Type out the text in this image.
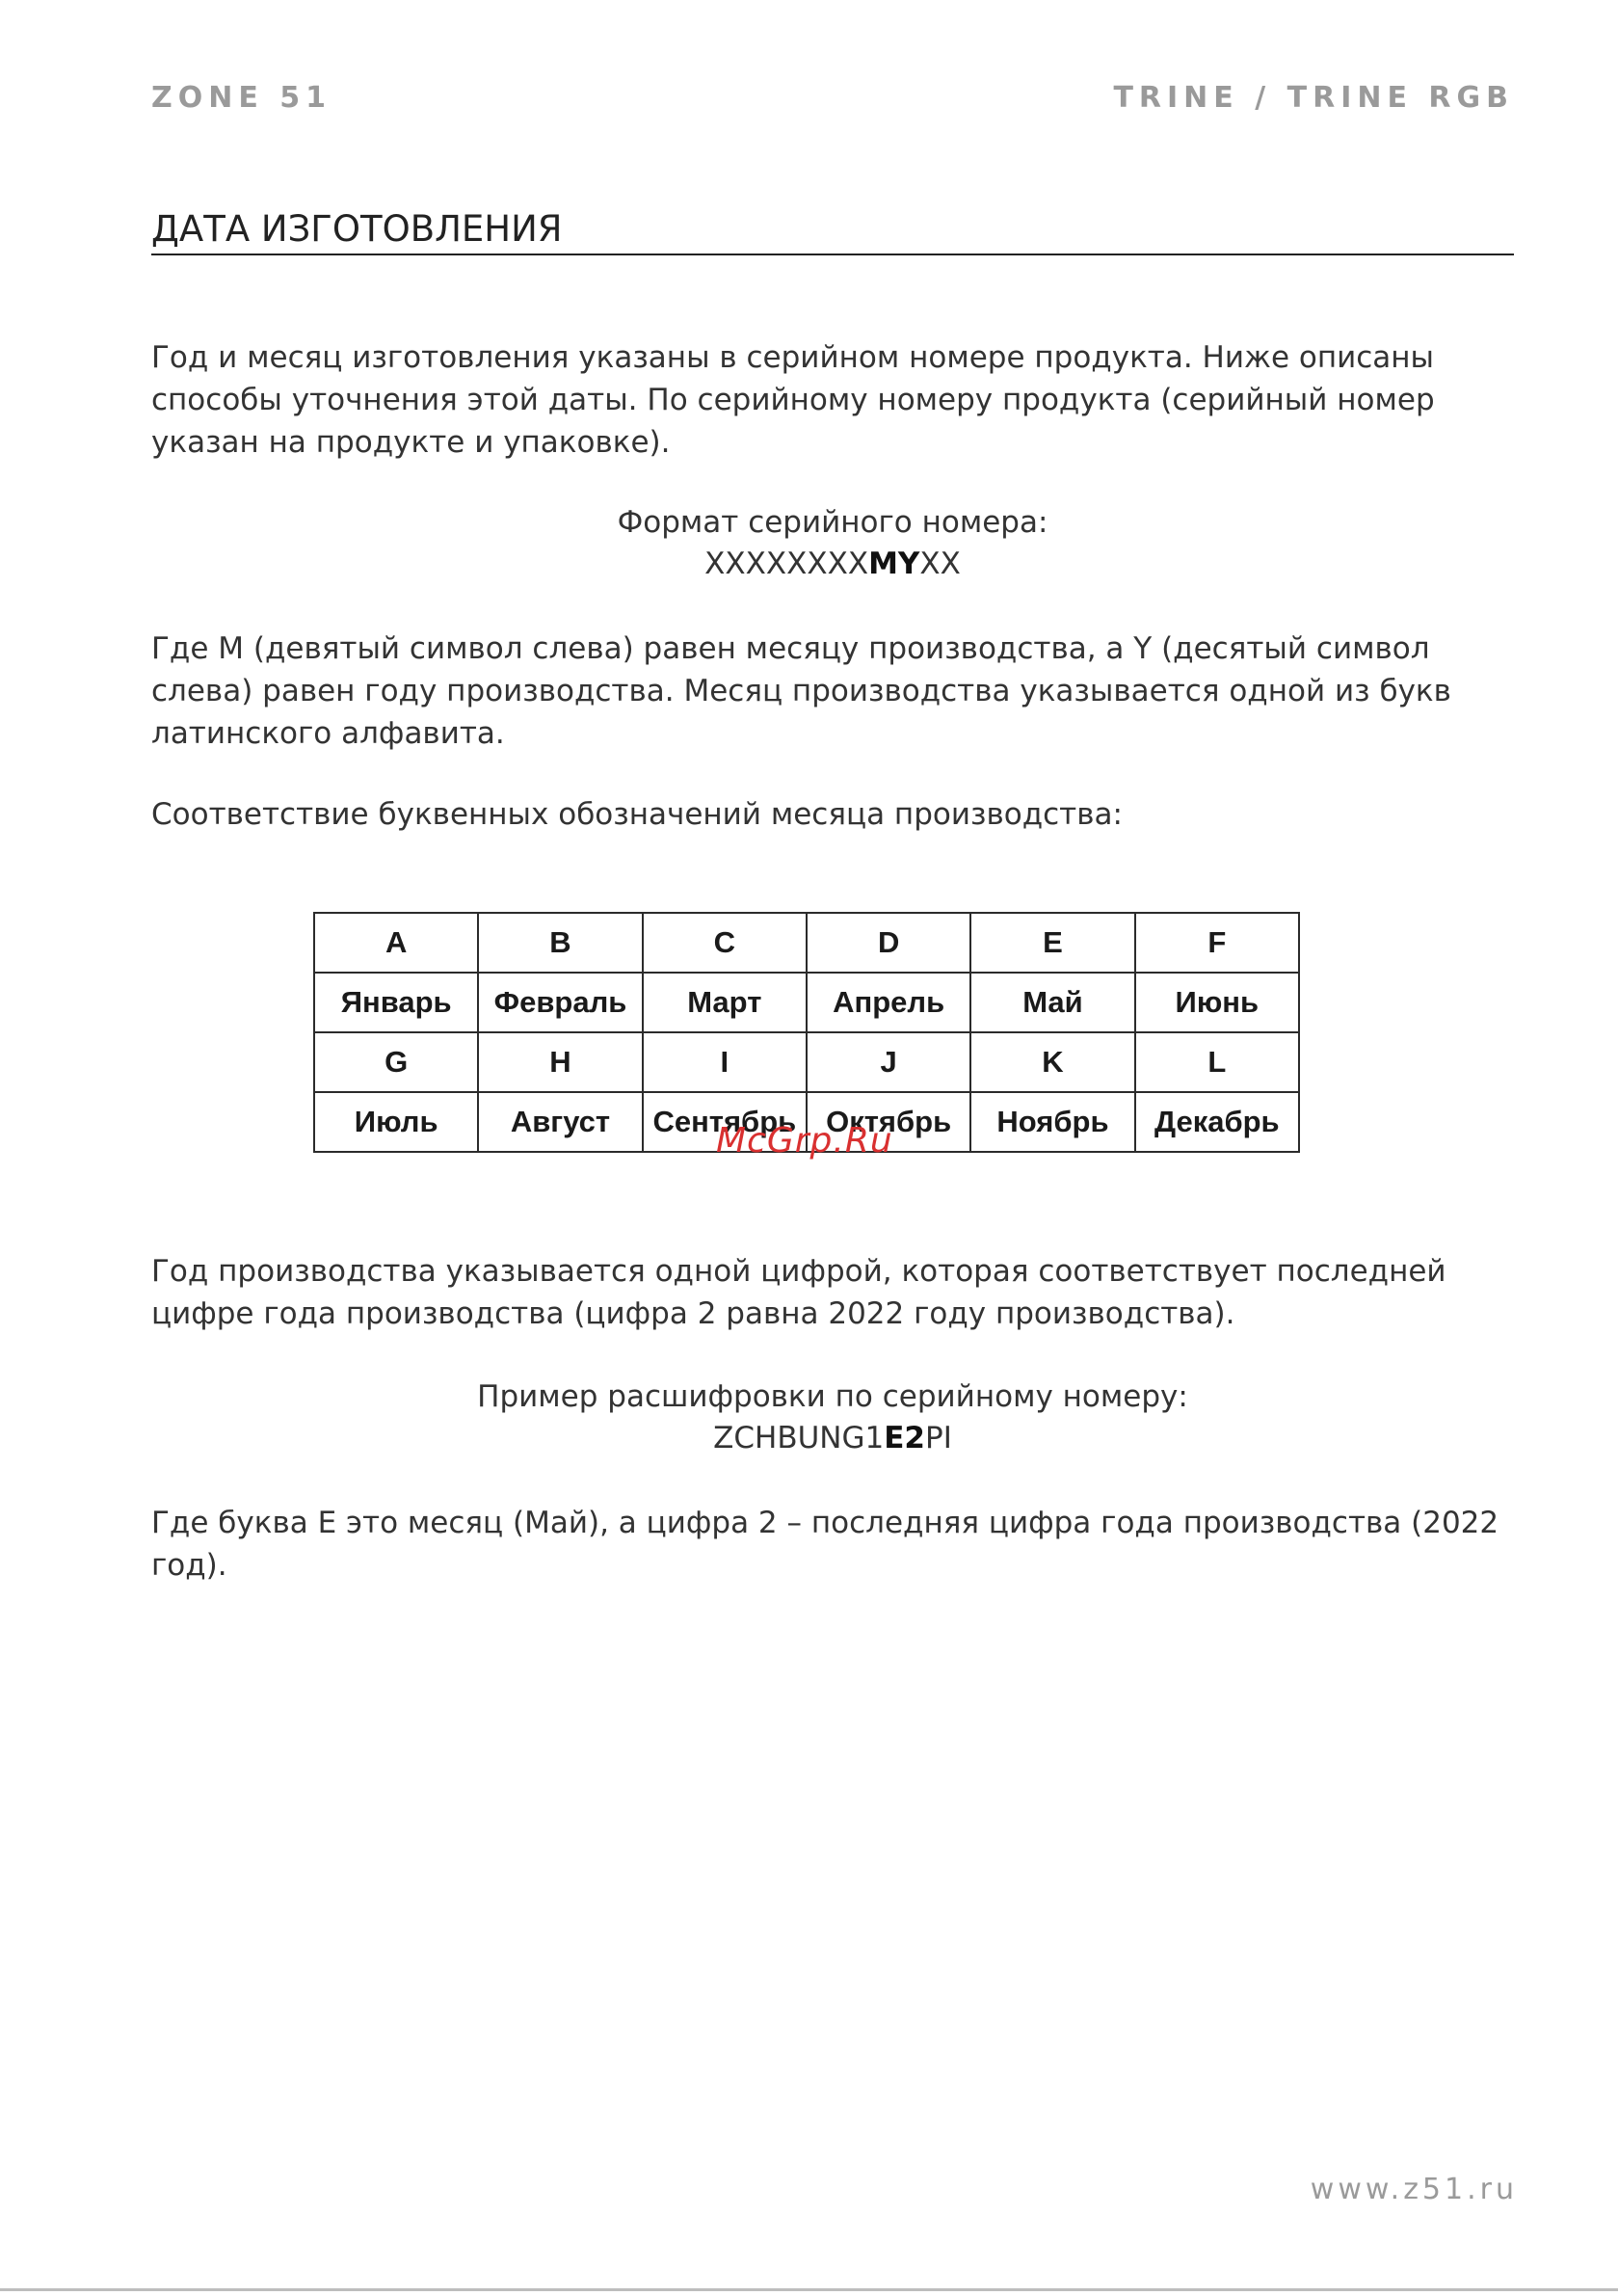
ZONE 51	TRINE / TRINE RGB
ДАТА ИЗГОТОВЛЕНИЯ
Год и месяц изготовления указаны в серийном номере продукта. Ниже описаны
способы уточнения этой даты. По серийному номеру продукта (серийный номер
указан на продукте и упаковке).
Формат серийного номера:
XXXXXXXXMYXX
Где M (девятый символ слева) равен месяцу производства, а Y (десятый символ
слева) равен году производства. Месяц производства указывается одной из букв
латинского алфавита.
Соответствие буквенных обозначений месяца производства:
A	B	C	D	E	F
Январь	Февраль	Март	Апрель	Май	Июнь
G	H	I	J	K	L
Июль	Август	Сентябрь	Октябрь	Ноябрь	Декабрь
McGrp.Ru
Год производства указывается одной цифрой, которая соответствует последней
цифре года производства (цифра 2 равна 2022 году производства).
Пример расшифровки по серийному номеру:
ZCHBUNG1E2PI
Где буква E это месяц (Май), а цифра 2 – последняя цифра года производства (2022
год).
www.z51.ru
